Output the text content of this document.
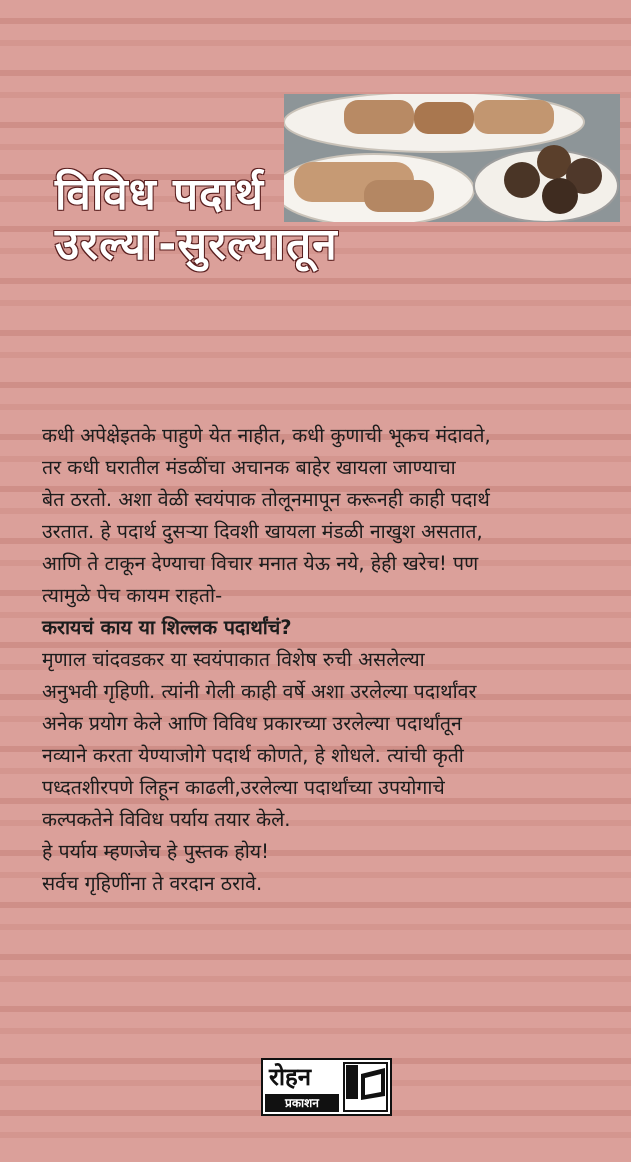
विविध पदार्थ
उरल्या-सुरल्यातून
कधी अपेक्षेइतके पाहुणे येत नाहीत, कधी कुणाची भूकच मंदावते,
तर कधी घरातील मंडळींचा अचानक बाहेर खायला जाण्याचा
बेत ठरतो. अशा वेळी स्वयंपाक तोलूनमापून करूनही काही पदार्थ
उरतात. हे पदार्थ दुसऱ्या दिवशी खायला मंडळी नाखुश असतात,
आणि ते टाकून देण्याचा विचार मनात येऊ नये, हेही खरेच! पण
त्यामुळे पेच कायम राहतो-
करायचं काय या शिल्लक पदार्थांचं?
मृणाल चांदवडकर या स्वयंपाकात विशेष रुची असलेल्या
अनुभवी गृहिणी. त्यांनी गेली काही वर्षे अशा उरलेल्या पदार्थांवर
अनेक प्रयोग केले आणि विविध प्रकारच्या उरलेल्या पदार्थांतून
नव्याने करता येण्याजोगे पदार्थ कोणते, हे शोधले. त्यांची कृती
पध्दतशीरपणे लिहून काढली,उरलेल्या पदार्थांच्या उपयोगाचे
कल्पकतेने विविध पर्याय तयार केले.
हे पर्याय म्हणजेच हे पुस्तक होय!
सर्वच गृहिणींना ते वरदान ठरावे.
रोहन
प्रकाशन
